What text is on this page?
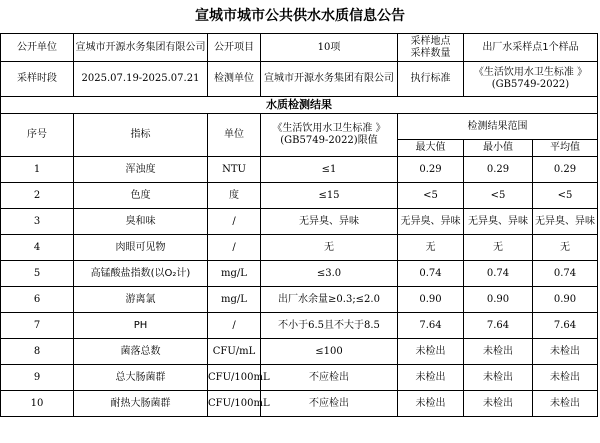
宣城市城市公共供水水质信息公告
公开单位	宣城市开源水务集团有限公司	公开项目	10项	采样地点
采样数量	出厂水采样点1个样品	
采样时段	2025.07.19-2025.07.21	检测单位	宣城市开源水务集团有限公司	执行标准	《生活饮用水卫生标准 》
(GB5749-2022)	

水质检测结果						
序号	指标	单位	《生活饮用水卫生标准 》
(GB5749-2022)限值	检测结果范围		
				最大值	最小值	平均值
1	浑浊度	NTU	≤1	0.29	0.29	0.29
2	色度	度	≤15	<5	<5	<5
3	臭和味	/	无异臭、异味	无异臭、异味	无异臭、异味	无异臭、异味
4	肉眼可见物	/	无	无	无	无
5	高锰酸盐指数(以O₂计)	mg/L	≤3.0	0.74	0.74	0.74
6	游离氯	mg/L	出厂水余量≥0.3;≤2.0	0.90	0.90	0.90
7	PH	/	不小于6.5且不大于8.5	7.64	7.64	7.64
8	菌落总数	CFU/mL	≤100	未检出	未检出	未检出
9	总大肠菌群	CFU/100mL	不应检出	未检出	未检出	未检出
10	耐热大肠菌群	CFU/100mL	不应检出	未检出	未检出	未检出
